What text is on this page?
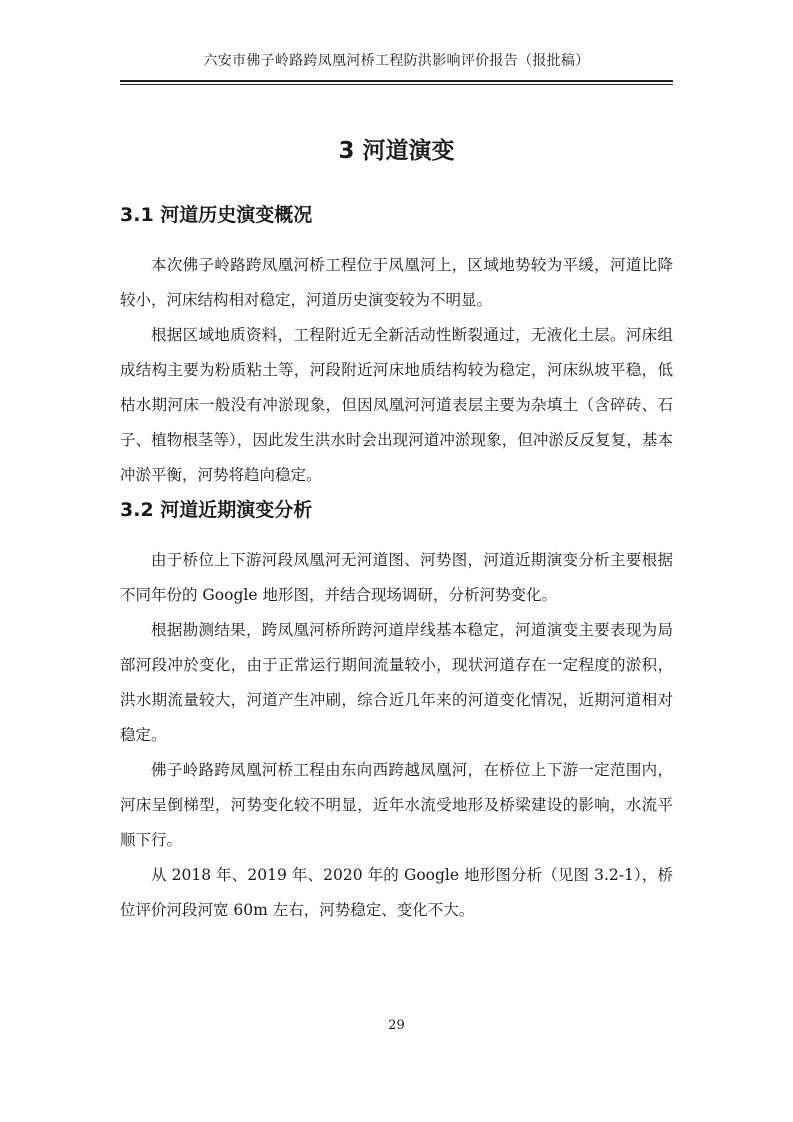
六安市佛子岭路跨凤凰河桥工程防洪影响评价报告（报批稿）
3 河道演变
3.1 河道历史演变概况
本次佛子岭路跨凤凰河桥工程位于凤凰河上，区域地势较为平缓，河道比降较小，河床结构相对稳定，河道历史演变较为不明显。
根据区域地质资料，工程附近无全新活动性断裂通过，无液化土层。河床组成结构主要为粉质粘土等，河段附近河床地质结构较为稳定，河床纵坡平稳，低枯水期河床一般没有冲淤现象，但因凤凰河河道表层主要为杂填土（含碎砖、石子、植物根茎等），因此发生洪水时会出现河道冲淤现象，但冲淤反反复复，基本冲淤平衡，河势将趋向稳定。
3.2 河道近期演变分析
由于桥位上下游河段凤凰河无河道图、河势图，河道近期演变分析主要根据不同年份的 Google 地形图，并结合现场调研，分析河势变化。
根据勘测结果，跨凤凰河桥所跨河道岸线基本稳定，河道演变主要表现为局部河段冲於变化，由于正常运行期间流量较小，现状河道存在一定程度的淤积，洪水期流量较大，河道产生冲刷，综合近几年来的河道变化情况，近期河道相对稳定。
佛子岭路跨凤凰河桥工程由东向西跨越凤凰河，在桥位上下游一定范围内，河床呈倒梯型，河势变化较不明显，近年水流受地形及桥梁建设的影响，水流平顺下行。
从 2018 年、2019 年、2020 年的 Google 地形图分析（见图 3.2-1），桥位评价河段河宽 60m 左右，河势稳定、变化不大。
29
